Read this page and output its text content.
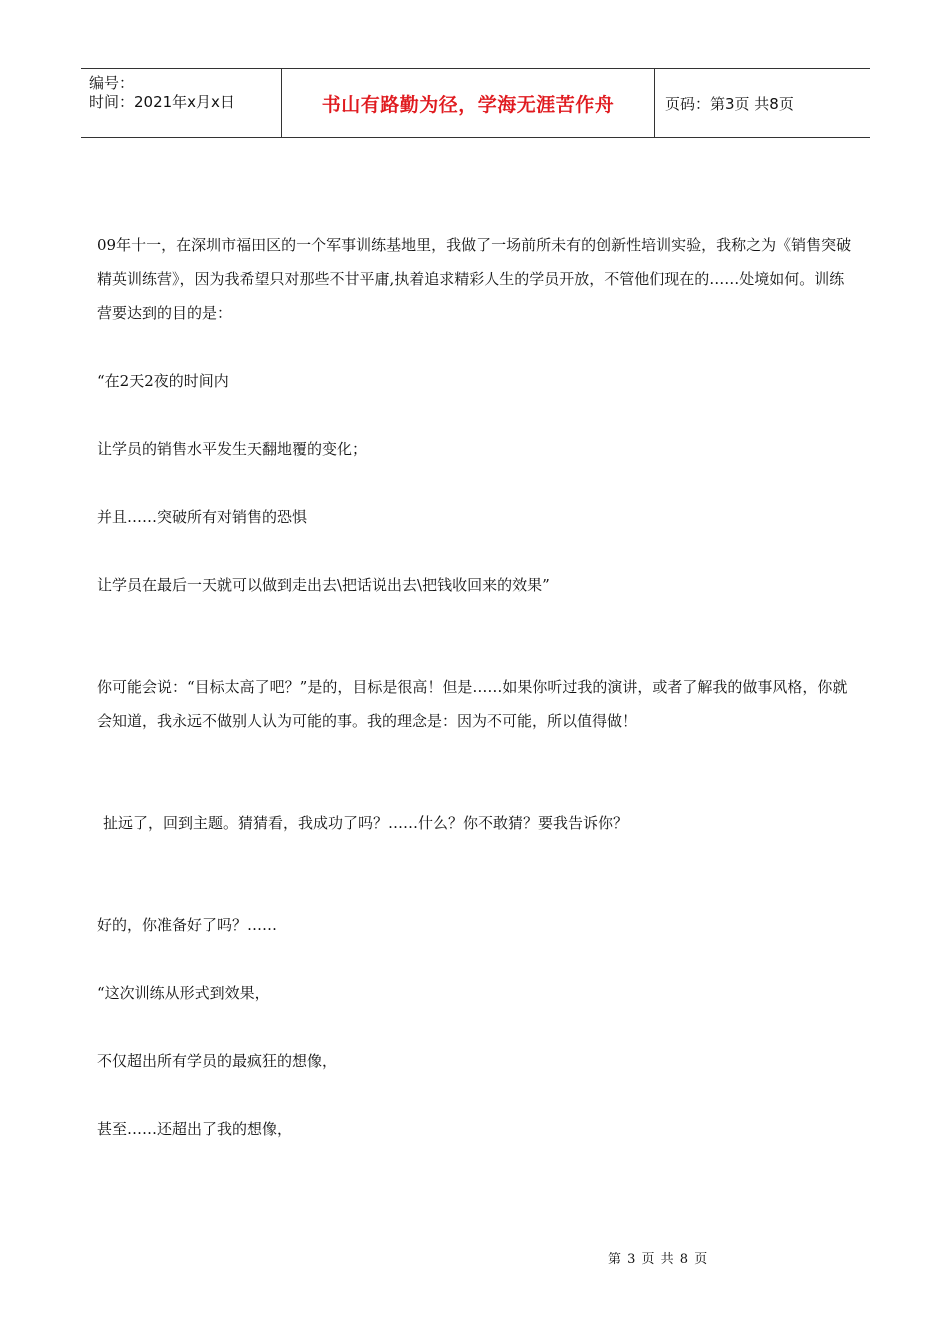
编号：
时间：2021年x月x日	书山有路勤为径，学海无涯苦作舟	页码：第3页 共8页

09年十一，在深圳市福田区的一个军事训练基地里，我做了一场前所未有的创新性培训实验，我称之为《销售突破精英训练营》，因为我希望只对那些不甘平庸,执着追求精彩人生的学员开放，不管他们现在的……处境如何。训练营要达到的目的是：

“在2天2夜的时间内

让学员的销售水平发生天翻地覆的变化；

并且……突破所有对销售的恐惧

让学员在最后一天就可以做到走出去\把话说出去\把钱收回来的效果”

你可能会说：“目标太高了吧？”是的，目标是很高！但是……如果你听过我的演讲，或者了解我的做事风格，你就会知道，我永远不做别人认为可能的事。我的理念是：因为不可能，所以值得做！

扯远了，回到主题。猜猜看，我成功了吗？……什么？你不敢猜？要我告诉你？

好的，你准备好了吗？……

“这次训练从形式到效果，

不仅超出所有学员的最疯狂的想像，

甚至……还超出了我的想像，

第 3 页 共 8 页
